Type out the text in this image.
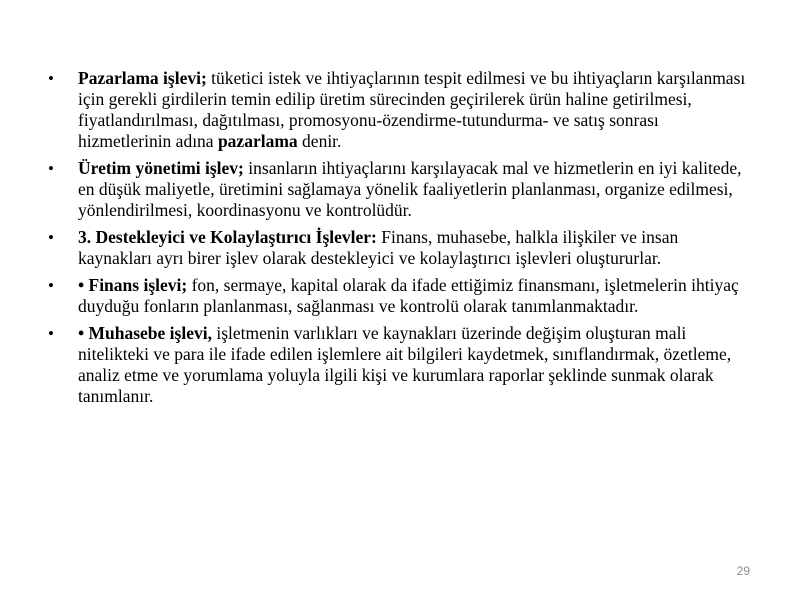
• Pazarlama işlevi; tüketici istek ve ihtiyaçlarının tespit edilmesi ve bu ihtiyaçların karşılanması için gerekli girdilerin temin edilip üretim sürecinden geçirilerek ürün haline getirilmesi, fiyatlandırılması, dağıtılması, promosyonu-özendirme-tutundurma- ve satış sonrası hizmetlerinin adına pazarlama denir.
• Üretim yönetimi işlev; insanların ihtiyaçlarını karşılayacak mal ve hizmetlerin en iyi kalitede, en düşük maliyetle, üretimini sağlamaya yönelik faaliyetlerin planlanması, organize edilmesi, yönlendirilmesi, koordinasyonu ve kontrolüdür.
• 3. Destekleyici ve Kolaylaştırıcı İşlevler: Finans, muhasebe, halkla ilişkiler ve insan kaynakları ayrı birer işlev olarak destekleyici ve kolaylaştırıcı işlevleri oluştururlar.
• • Finans işlevi; fon, sermaye, kapital olarak da ifade ettiğimiz finansmanı, işletmelerin ihtiyaç duyduğu fonların planlanması, sağlanması ve kontrolü olarak tanımlanmaktadır.
• • Muhasebe işlevi, işletmenin varlıkları ve kaynakları üzerinde değişim oluşturan mali nitelikteki ve para ile ifade edilen işlemlere ait bilgileri kaydetmek, sınıflandırmak, özetleme, analiz etme ve yorumlama yoluyla ilgili kişi ve kurumlara raporlar şeklinde sunmak olarak tanımlanır.
29
